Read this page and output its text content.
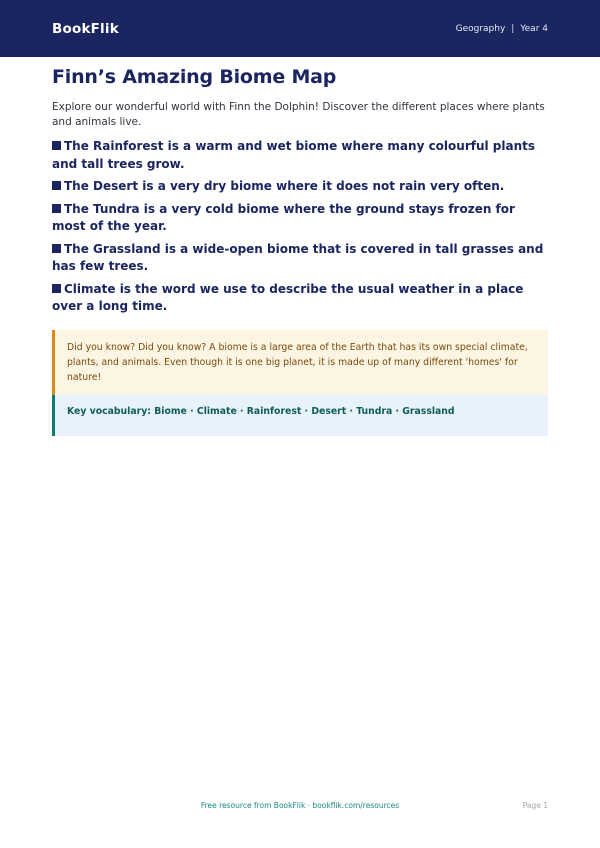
BookFlik	Geography | Year 4
Finn’s Amazing Biome Map

Explore our wonderful world with Finn the Dolphin! Discover the different places where plants and animals live.

The Rainforest is a warm and wet biome where many colourful plants and tall trees grow.
The Desert is a very dry biome where it does not rain very often.
The Tundra is a very cold biome where the ground stays frozen for most of the year.
The Grassland is a wide-open biome that is covered in tall grasses and has few trees.
Climate is the word we use to describe the usual weather in a place over a long time.
Did you know? Did you know? A biome is a large area of the Earth that has its own special climate, plants, and animals. Even though it is one big planet, it is made up of many different 'homes' for nature!
Key vocabulary: Biome · Climate · Rainforest · Desert · Tundra · Grassland
Free resource from BookFlik · bookflik.com/resources	Page 1
